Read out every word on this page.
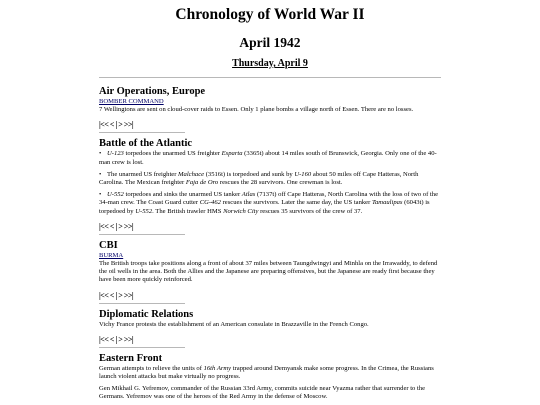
Chronology of World War II
April 1942
Thursday, April 9
Air Operations, Europe
BOMBER COMMAND

7 Wellingtons are sent on cloud-cover raids to Essen. Only 1 plane bombs a village north of Essen. There are no losses.

|<< < | > >>|
Battle of the Atlantic
• U-123 torpedoes the unarmed US freighter Esparta (3365t) about 14 miles south of Brunswick, Georgia. Only one of the 40-man crew is lost.
• The unarmed US freighter Malchace (3516t) is torpedoed and sunk by U-160 about 50 miles off Cape Hatteras, North Carolina. The Mexican freighter Faja de Oro rescues the 28 survivors. One crewman is lost.
• U-552 torpedoes and sinks the unarmed US tanker Atlas (7137t) off Cape Hatteras, North Carolina with the loss of two of the 34-man crew. The Coast Guard cutter CG-462 rescues the survivors. Later the same day, the US tanker Tamaulipas (6043t) is torpedoed by U-552. The British trawler HMS Norwich City rescues 35 survivors of the crew of 37.
|<< < | > >>|
CBI
BURMA

The British troops take positions along a front of about 37 miles between Taungdwingyi and Minhla on the Irrawaddy, to defend the oil wells in the area. Both the Allies and the Japanese are preparing offensives, but the Japanese are ready first because they have been more quickly reinforced.

|<< < | > >>|
Diplomatic Relations

Vichy France protests the establishment of an American consulate in Brazzaville in the French Congo.

|<< < | > >>|
Eastern Front

German attempts to relieve the units of 16th Army trapped around Demyansk make some progress. In the Crimea, the Russians launch violent attacks but make virtually no progress.

Gen Mikhail G. Yefremov, commander of the Russian 33rd Army, commits suicide near Vyazma rather that surrender to the Germans. Yefremov was one of the heroes of the Red Army in the defense of Moscow.
